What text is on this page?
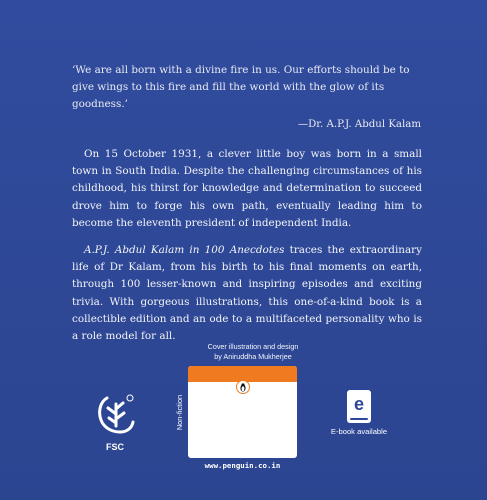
‘We are all born with a divine fire in us. Our efforts should be to give wings to this fire and fill the world with the glow of its goodness.’

—Dr. A.P.J. Abdul Kalam

On 15 October 1931, a clever little boy was born in a small town in South India. Despite the challenging circumstances of his childhood, his thirst for knowledge and determination to succeed drove him to forge his own path, eventually leading him to become the eleventh president of independent India.

A.P.J. Abdul Kalam in 100 Anecdotes traces the extraordinary life of Dr Kalam, from his birth to his final moments on earth, through 100 lesser-known and inspiring episodes and exciting trivia. With gorgeous illustrations, this one-of-a-kind book is a collectible edition and an ode to a multifaceted personality who is a role model for all.

Cover illustration and design
by Aniruddha Mukherjee
FSC
Non-fiction
www.penguin.co.in
e
E-book available
